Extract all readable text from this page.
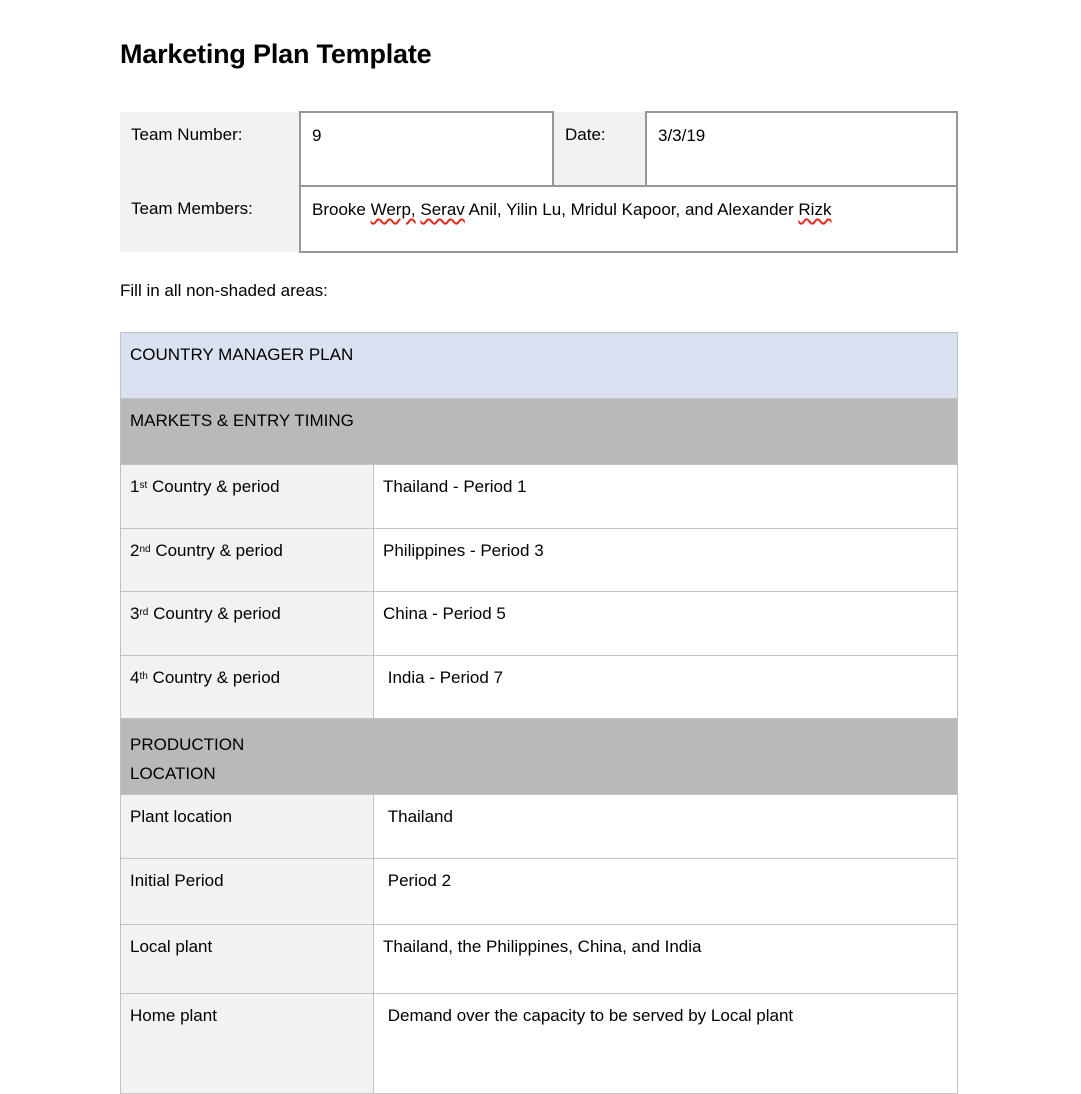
Marketing Plan Template
Team Number:	9	Date:	3/3/19
Team Members:	Brooke Werp, Serav Anil, Yilin Lu, Mridul Kapoor, and Alexander Rizk		
Fill in all non-shaded areas:
COUNTRY MANAGER PLAN	
MARKETS & ENTRY TIMING	
1st Country & period	Thailand - Period 1
2nd Country & period	Philippines - Period 3
3rd Country & period	China - Period 5
4th Country & period	India - Period 7

PRODUCTION
LOCATION	

Plant location	Thailand
Initial Period	Period 2
Local plant	Thailand, the Philippines, China, and India
Home plant	Demand over the capacity to be served by Local plant
